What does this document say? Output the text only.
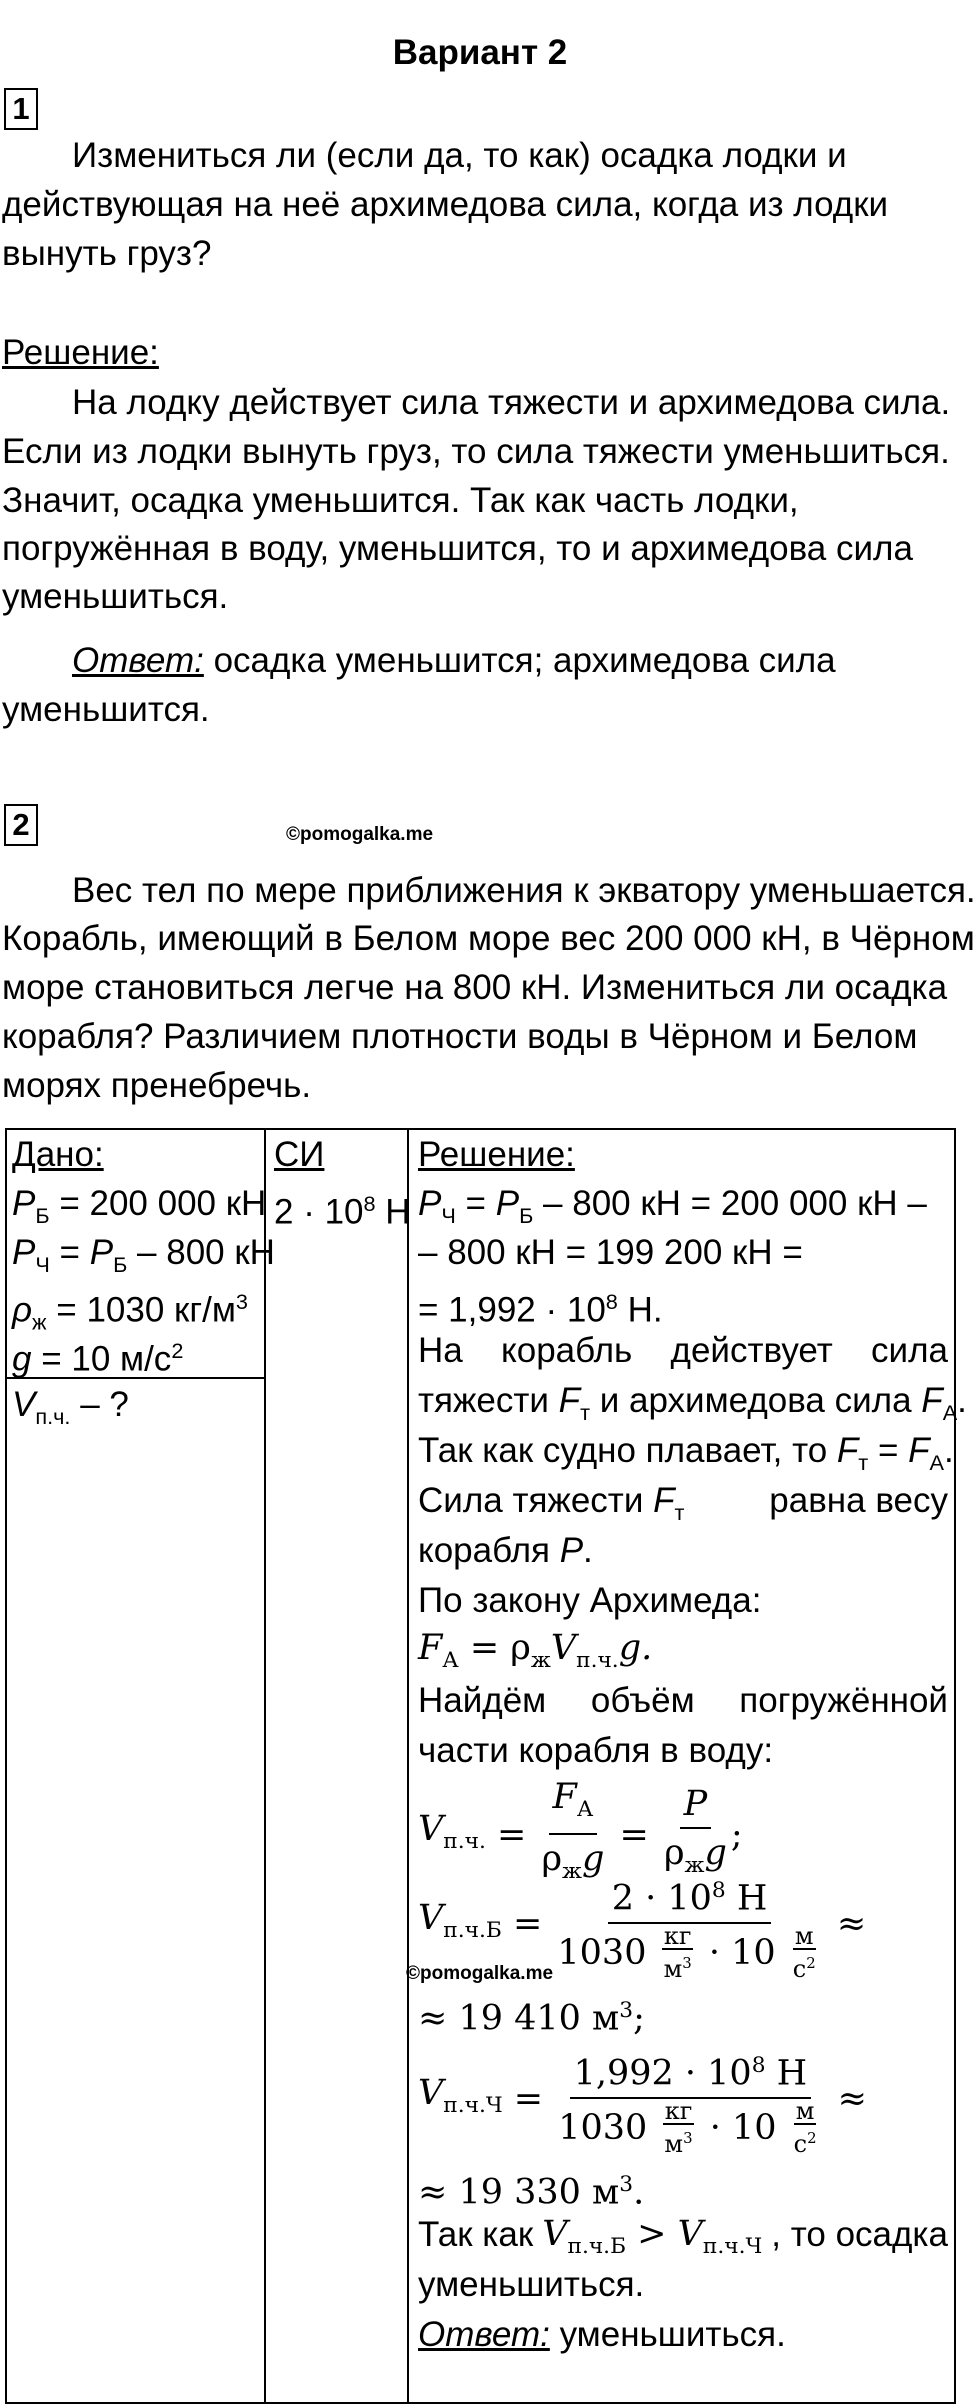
Вариант 2
1
Измениться ли (если да, то как) осадка лодки и
действующая на неё архимедова сила, когда из лодки
вынуть груз?
Решение:
На лодку действует сила тяжести и архимедова сила.
Если из лодки вынуть груз, то сила тяжести уменьшиться.
Значит, осадка уменьшится. Так как часть лодки,
погружённая в воду, уменьшится, то и архимедова сила
уменьшиться.
Ответ: осадка уменьшится; архимедова сила
уменьшится.
2	©pomogalka.me
Вес тел по мере приближения к экватору уменьшается.
Корабль, имеющий в Белом море вес 200 000 кН, в Чёрном
море становиться легче на 800 кН. Измениться ли осадка
корабля? Различием плотности воды в Чёрном и Белом
морях пренебречь.
Дано:
$P_Б = 200$ 000 кН
$P_Ч = P_Б - 800$ кН
$\rho_ж = 1030$ $кг/м^3$
g = 10 $м/с^2$
$V_{п.ч.}$ – ?
СИ
$2 \cdot 10^8$ Н
Решение:
$P_Ч = P_Б - 800$ кН = 200 000 кН –
– 800 кН = 199 200 кН =
= $1,992 \cdot 10^8$ Н.
На корабль действует сила
тяжести $F_т$ и архимедова сила $F_А$.
Так как судно плавает, то $F_т = F_А$.
Сила тяжести $F_т$ равна весу
корабля P.
По закону Архимеда:
$F_А = \rho_жV_{п.ч.}g$.
Найдём объём погружённой
части корабля в воду:
$V_{п.ч.} = \frac{F_А}{\rho_жg} = \frac{P}{\rho_жg}$ ;
$V_{п.ч.Б} = \frac{2 \cdot 10^8 Н}{1030 \frac{кг}{м^3} \cdot 10 \frac{м}{с^2}}$ ≈
©pomogalka.me
≈ 19 410 $м^3$;
$V_{п.ч.Ч} = \frac{1,992 \cdot 10^8 Н}{1030 \frac{кг}{м^3} \cdot 10 \frac{м}{с^2}}$ ≈
≈ 19 330 $м^3$.
Так как $V_{п.ч.Б} > V_{п.ч.Ч}$ , то осадка
уменьшиться.
Ответ: уменьшиться.
